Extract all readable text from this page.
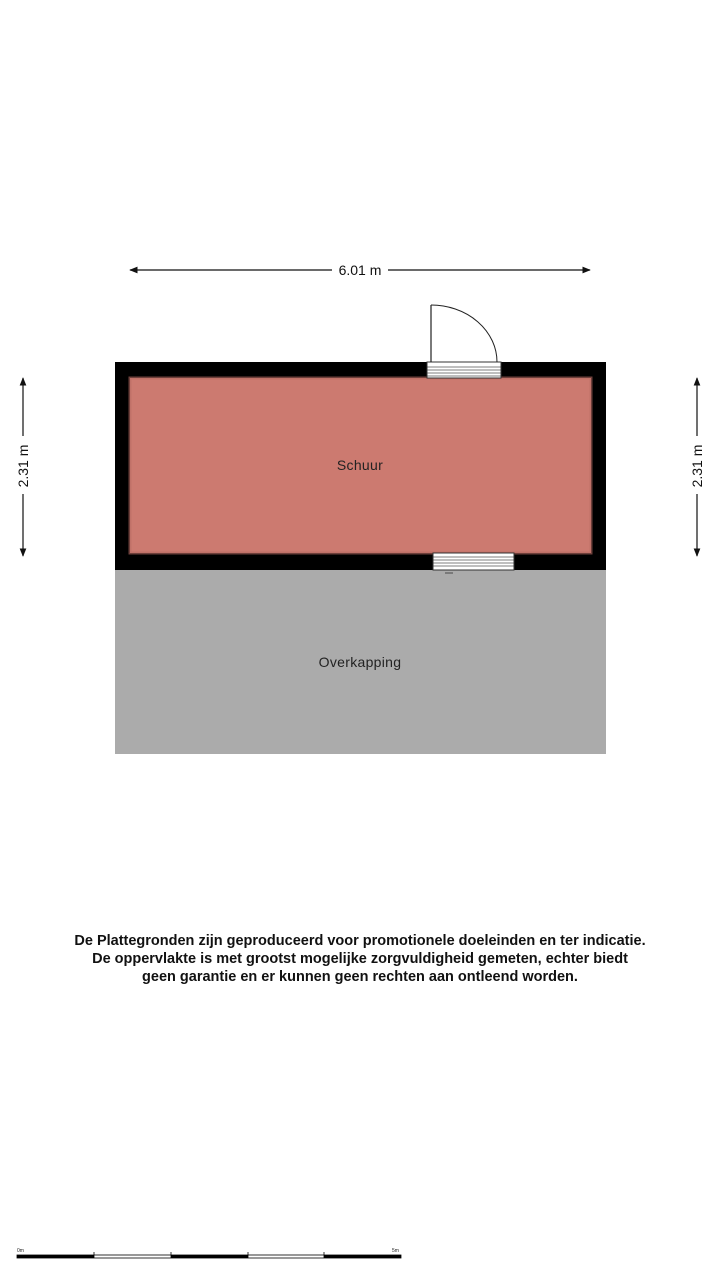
6.01 m
2.31 m	2.31 m
Overkapping
Schuur
0m	5m
De Plattegronden zijn geproduceerd voor promotionele doeleinden en ter indicatie.
De oppervlakte is met grootst mogelijke zorgvuldigheid gemeten, echter biedt
geen garantie en er kunnen geen rechten aan ontleend worden.
